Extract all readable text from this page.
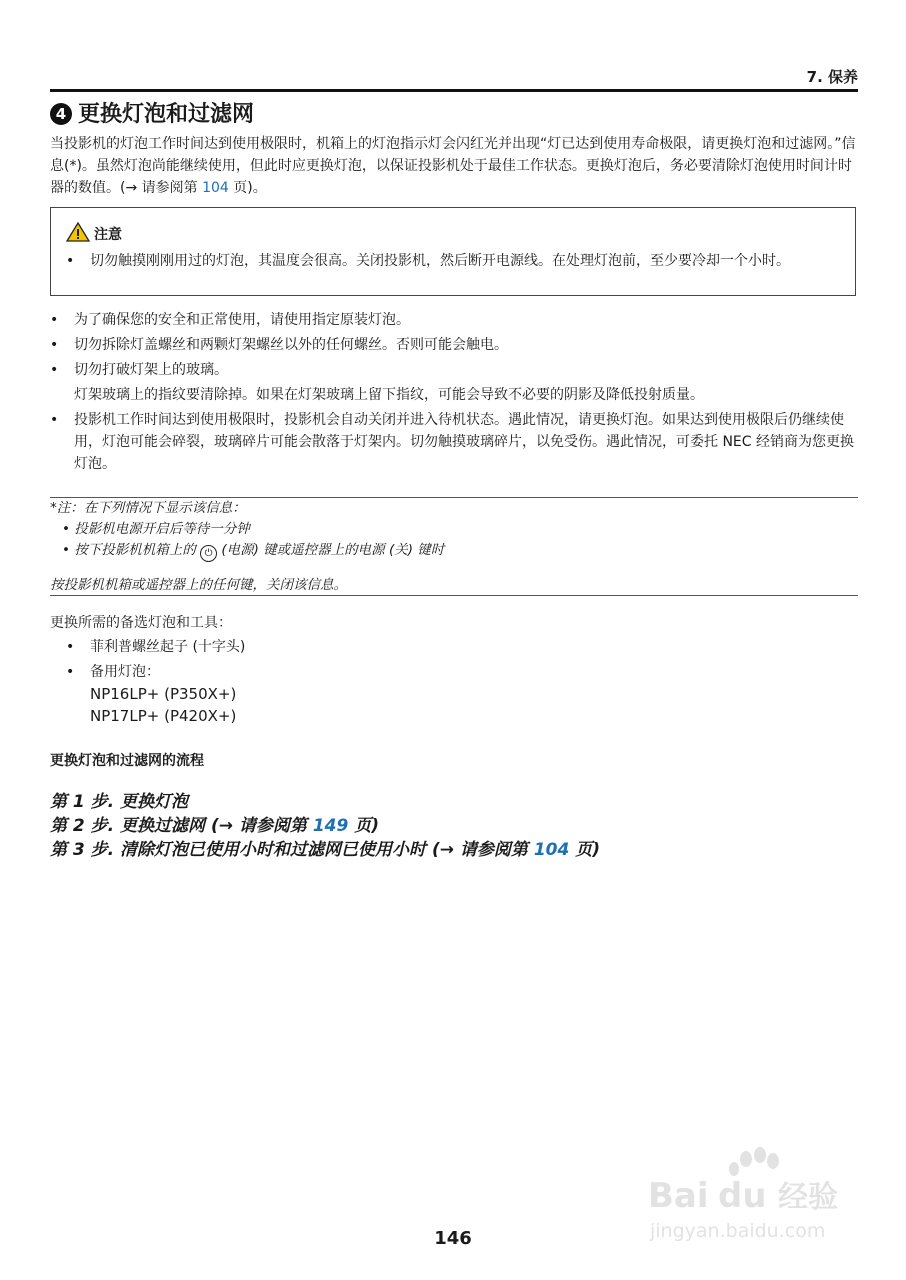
7. 保养
4 更换灯泡和过滤网
当投影机的灯泡工作时间达到使用极限时，机箱上的灯泡指示灯会闪红光并出现“灯已达到使用寿命极限，请更换灯泡和过滤网。”信息(*)。虽然灯泡尚能继续使用，但此时应更换灯泡，以保证投影机处于最佳工作状态。更换灯泡后，务必要清除灯泡使用时间计时器的数值。(→ 请参阅第 104 页)。
注意
• 切勿触摸刚刚用过的灯泡，其温度会很高。关闭投影机，然后断开电源线。在处理灯泡前，至少要冷却一个小时。
• 为了确保您的安全和正常使用，请使用指定原装灯泡。
• 切勿拆除灯盖螺丝和两颗灯架螺丝以外的任何螺丝。否则可能会触电。
• 切勿打破灯架上的玻璃。
灯架玻璃上的指纹要清除掉。如果在灯架玻璃上留下指纹，可能会导致不必要的阴影及降低投射质量。
• 投影机工作时间达到使用极限时，投影机会自动关闭并进入待机状态。遇此情况，请更换灯泡。如果达到使用极限后仍继续使用，灯泡可能会碎裂，玻璃碎片可能会散落于灯架内。切勿触摸玻璃碎片，以免受伤。遇此情况，可委托 NEC 经销商为您更换灯泡。
*注：在下列情况下显示该信息：
• 投影机电源开启后等待一分钟
• 按下投影机机箱上的 ⏻ (电源) 键或遥控器上的电源 (关) 键时
按投影机机箱或遥控器上的任何键，关闭该信息。
更换所需的备选灯泡和工具：
• 菲利普螺丝起子 (十字头)
• 备用灯泡：
NP16LP+ (P350X+)
NP17LP+ (P420X+)
更换灯泡和过滤网的流程
第 1 步. 更换灯泡
第 2 步. 更换过滤网 (→ 请参阅第 149 页)
第 3 步. 清除灯泡已使用小时和过滤网已使用小时 (→ 请参阅第 104 页)
Bai du 经验
jingyan.baidu.com
146
